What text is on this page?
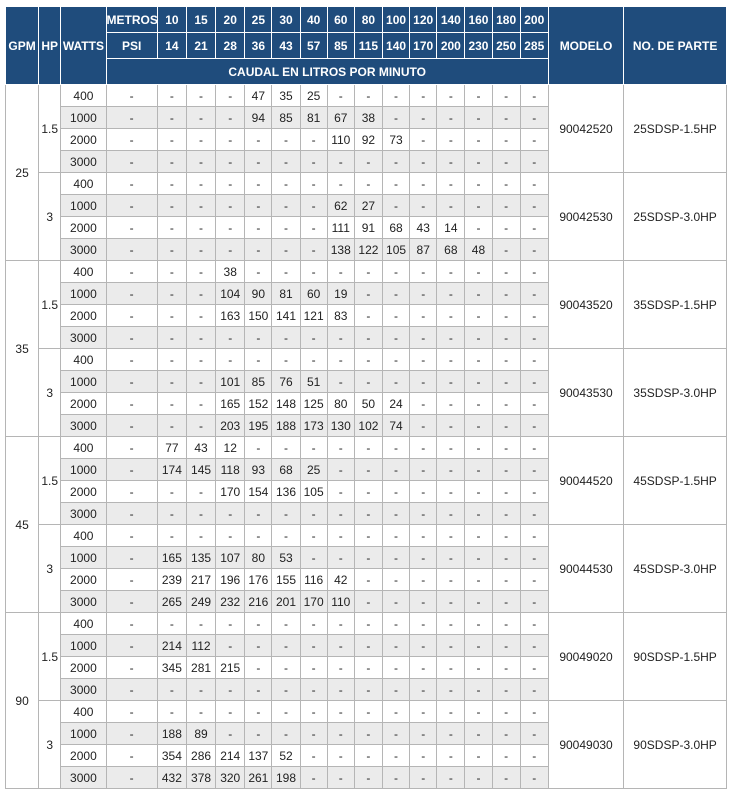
GPM	HP	WATTS	METROS	10	15	20	25	30	40	60	80	100	120	140	160	180	200	MODELO	NO. DE PARTE
			PSI	14	21	28	36	43	57	85	115	140	170	200	230	250	285		
			CAUDAL EN LITROS POR MINUTO																
25	1.5	400	-	-	-	-	47	35	25	-	-	-	-	-	-	-	-	90042520	25SDSP-1.5HP
		1000	-	-	-	-	94	85	81	67	38	-	-	-	-	-	-		
		2000	-	-	-	-	-	-	-	110	92	73	-	-	-	-	-		
		3000	-	-	-	-	-	-	-	-	-	-	-	-	-	-	-		
	3	400	-	-	-	-	-	-	-	-	-	-	-	-	-	-	-	90042530	25SDSP-3.0HP
		1000	-	-	-	-	-	-	-	62	27	-	-	-	-	-	-		
		2000	-	-	-	-	-	-	-	111	91	68	43	14	-	-	-		
		3000	-	-	-	-	-	-	-	138	122	105	87	68	48	-	-		
35	1.5	400	-	-	-	38	-	-	-	-	-	-	-	-	-	-	-	90043520	35SDSP-1.5HP
		1000	-	-	-	104	90	81	60	19	-	-	-	-	-	-	-		
		2000	-	-	-	163	150	141	121	83	-	-	-	-	-	-	-		
		3000	-	-	-	-	-	-	-	-	-	-	-	-	-	-	-		
	3	400	-	-	-	-	-	-	-	-	-	-	-	-	-	-	-	90043530	35SDSP-3.0HP
		1000	-	-	-	101	85	76	51	-	-	-	-	-	-	-	-		
		2000	-	-	-	165	152	148	125	80	50	24	-	-	-	-	-		
		3000	-	-	-	203	195	188	173	130	102	74	-	-	-	-	-		
45	1.5	400	-	77	43	12	-	-	-	-	-	-	-	-	-	-	-	90044520	45SDSP-1.5HP
		1000	-	174	145	118	93	68	25	-	-	-	-	-	-	-	-		
		2000	-	-	-	170	154	136	105	-	-	-	-	-	-	-	-		
		3000	-	-	-	-	-	-	-	-	-	-	-	-	-	-	-		
	3	400	-	-	-	-	-	-	-	-	-	-	-	-	-	-	-	90044530	45SDSP-3.0HP
		1000	-	165	135	107	80	53	-	-	-	-	-	-	-	-	-		
		2000	-	239	217	196	176	155	116	42	-	-	-	-	-	-	-		
		3000	-	265	249	232	216	201	170	110	-	-	-	-	-	-	-		
90	1.5	400	-	-	-	-	-	-	-	-	-	-	-	-	-	-	-	90049020	90SDSP-1.5HP
		1000	-	214	112	-	-	-	-	-	-	-	-	-	-	-	-		
		2000	-	345	281	215	-	-	-	-	-	-	-	-	-	-	-		
		3000	-	-	-	-	-	-	-	-	-	-	-	-	-	-	-		
	3	400	-	-	-	-	-	-	-	-	-	-	-	-	-	-	-	90049030	90SDSP-3.0HP
		1000	-	188	89	-	-	-	-	-	-	-	-	-	-	-	-		
		2000	-	354	286	214	137	52	-	-	-	-	-	-	-	-	-		
		3000	-	432	378	320	261	198	-	-	-	-	-	-	-	-	-		
